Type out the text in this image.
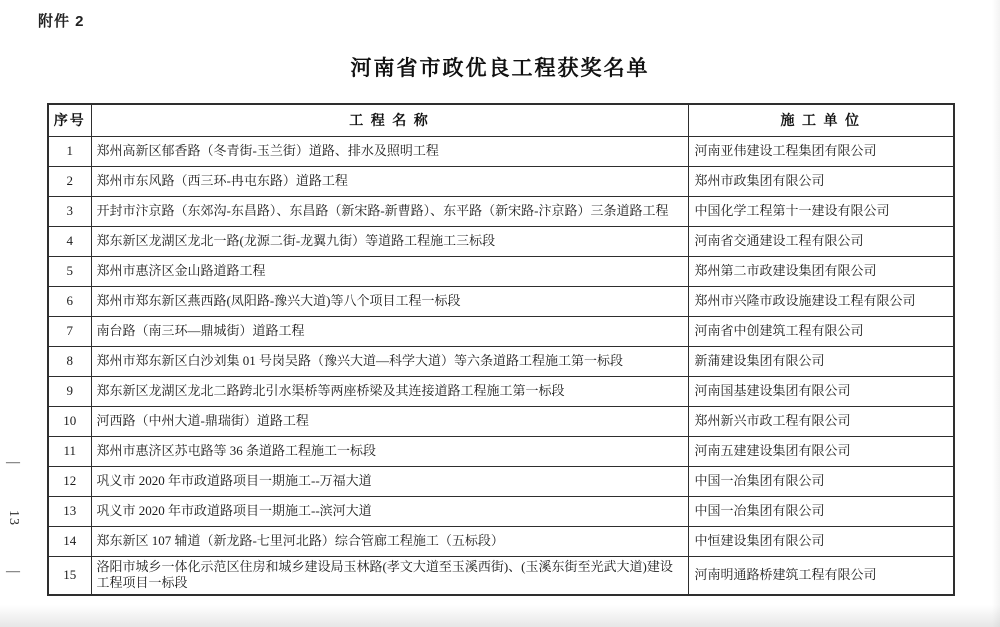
附件 2
河南省市政优良工程获奖名单
—
13
—
序号	工 程 名 称	施 工 单 位
1	郑州高新区郁香路（冬青街-玉兰街）道路、排水及照明工程	河南亚伟建设工程集团有限公司
2	郑州市东风路（西三环-冉屯东路）道路工程	郑州市政集团有限公司
3	开封市汴京路（东郊沟-东昌路）、东昌路（新宋路-新曹路）、东平路（新宋路-汴京路）三条道路工程	中国化学工程第十一建设有限公司
4	郑东新区龙湖区龙北一路(龙源二街-龙翼九街）等道路工程施工三标段	河南省交通建设工程有限公司
5	郑州市惠济区金山路道路工程	郑州第二市政建设集团有限公司
6	郑州市郑东新区燕西路(凤阳路-豫兴大道)等八个项目工程一标段	郑州市兴隆市政设施建设工程有限公司
7	南台路（南三环—鼎城街）道路工程	河南省中创建筑工程有限公司
8	郑州市郑东新区白沙刘集 01 号岗吴路（豫兴大道—科学大道）等六条道路工程施工第一标段	新蒲建设集团有限公司
9	郑东新区龙湖区龙北二路跨北引水渠桥等两座桥梁及其连接道路工程施工第一标段	河南国基建设集团有限公司
10	河西路（中州大道-鼎瑞街）道路工程	郑州新兴市政工程有限公司
11	郑州市惠济区苏屯路等 36 条道路工程施工一标段	河南五建建设集团有限公司
12	巩义市 2020 年市政道路项目一期施工--万福大道	中国一冶集团有限公司
13	巩义市 2020 年市政道路项目一期施工--滨河大道	中国一冶集团有限公司
14	郑东新区 107 辅道（新龙路-七里河北路）综合管廊工程施工（五标段）	中恒建设集团有限公司
15	洛阳市城乡一体化示范区住房和城乡建设局玉林路(孝文大道至玉溪西街)、(玉溪东街至光武大道)建设工程项目一标段	河南明通路桥建筑工程有限公司
